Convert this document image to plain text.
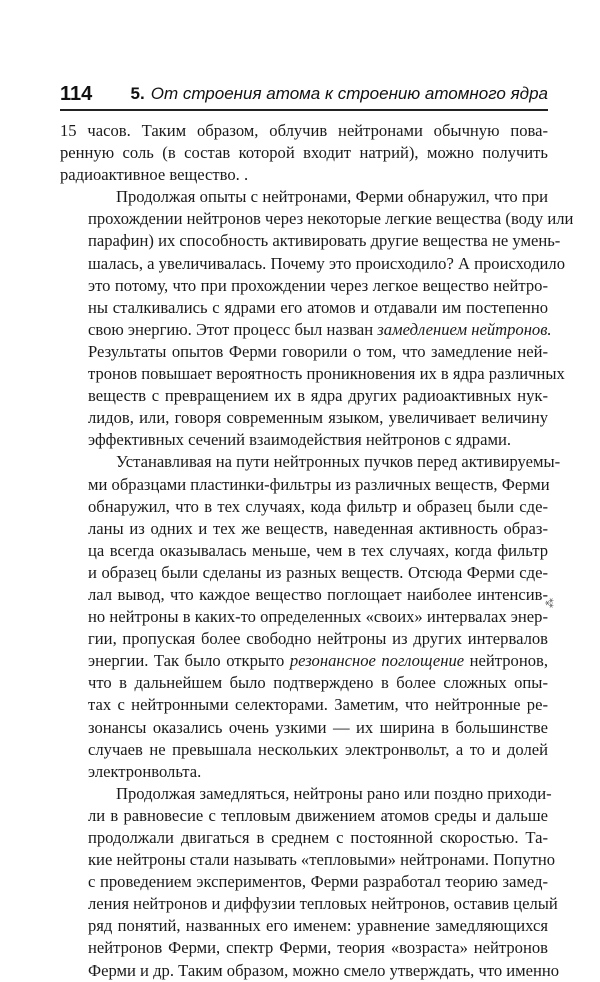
114 5. От строения атома к строению атомного ядра
15 часов. Таким образом, облучив нейтронами обычную пова-
ренную соль (в состав которой входит натрий), можно получить
радиоактивное вещество. .
Продолжая опыты с нейтронами, Ферми обнаружил, что при
прохождении нейтронов через некоторые легкие вещества (воду или
парафин) их способность активировать другие вещества не умень-
шалась, а увеличивалась. Почему это происходило? А происходило
это потому, что при прохождении через легкое вещество нейтро-
ны сталкивались с ядрами его атомов и отдавали им постепенно
свою энергию. Этот процесс был назван замедлением нейтронов.
Результаты опытов Ферми говорили о том, что замедление ней-
тронов повышает вероятность проникновения их в ядра различных
веществ с превращением их в ядра других радиоактивных нук-
лидов, или, говоря современным языком, увеличивает величину
эффективных сечений взаимодействия нейтронов с ядрами.
Устанавливая на пути нейтронных пучков перед активируемы-
ми образцами пластинки-фильтры из различных веществ, Ферми
обнаружил, что в тех случаях, кода фильтр и образец были сде-
ланы из одних и тех же веществ, наведенная активность образ-
ца всегда оказывалась меньше, чем в тех случаях, когда фильтр
и образец были сделаны из разных веществ. Отсюда Ферми сде-
лал вывод, что каждое вещество поглощает наиболее интенсив-
но нейтроны в каких-то определенных «своих» интервалах энер-
гии, пропуская более свободно нейтроны из других интервалов
энергии. Так было открыто резонансное поглощение нейтронов,
что в дальнейшем было подтверждено в более сложных опы-
тах с нейтронными селекторами. Заметим, что нейтронные ре-
зонансы оказались очень узкими — их ширина в большинстве
случаев не превышала нескольких электронвольт, а то и долей
электронвольта.
Продолжая замедляться, нейтроны рано или поздно приходи-
ли в равновесие с тепловым движением атомов среды и дальше
продолжали двигаться в среднем с постоянной скоростью. Та-
кие нейтроны стали называть «тепловыми» нейтронами. Попутно
с проведением экспериментов, Ферми разработал теорию замед-
ления нейтронов и диффузии тепловых нейтронов, оставив целый
ряд понятий, названных его именем: уравнение замедляющихся
нейтронов Ферми, спектр Ферми, теория «возраста» нейтронов
Ферми и др. Таким образом, можно смело утверждать, что именно
⁂
